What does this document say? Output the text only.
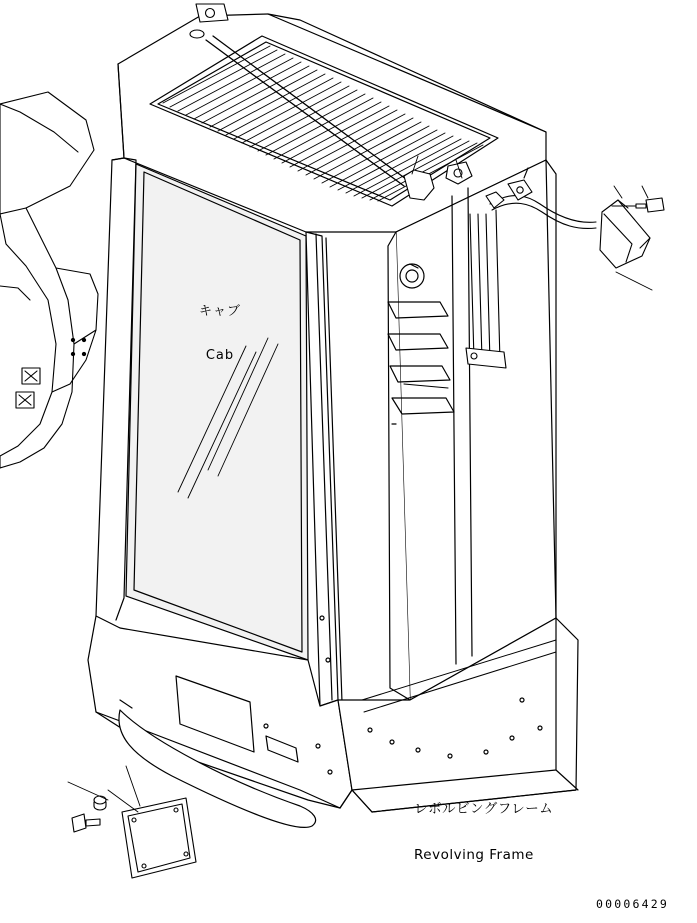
キャブ

Cab

レボルビングフレーム

Revolving Frame

00006429
